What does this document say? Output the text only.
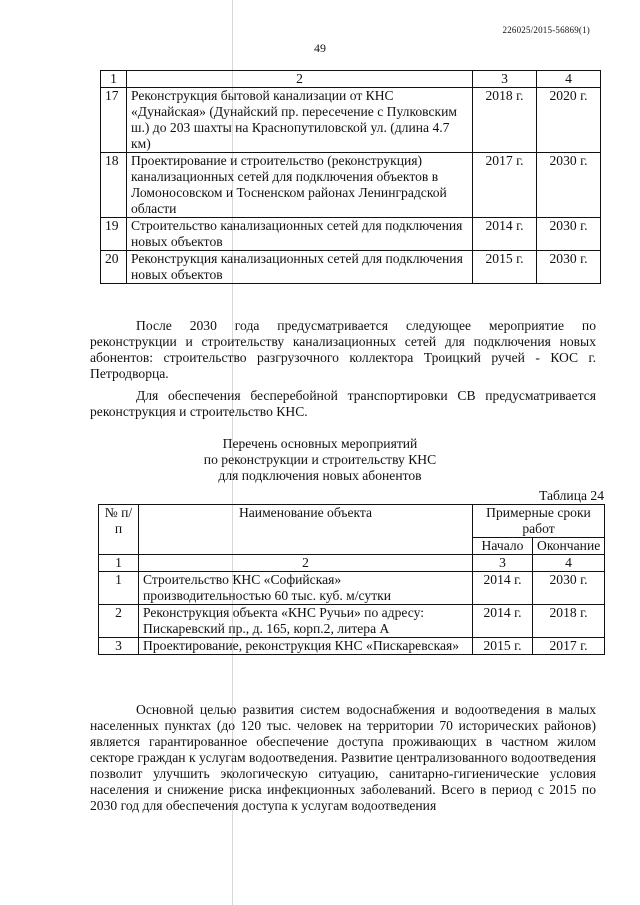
226025/2015-56869(1)
49
1	2	3	4
17	Реконструкция бытовой канализации от КНС «Дунайская» (Дунайский пр. пересечение с Пулковским ш.) до 203 шахты на Краснопутиловской ул. (длина 4.7 км)	2018 г.	2020 г.
18	Проектирование и строительство (реконструкция) канализационных сетей для подключения объектов в Ломоносовском и Тосненском районах Ленинградской области	2017 г.	2030 г.
19	Строительство канализационных сетей для подключения новых объектов	2014 г.	2030 г.
20	Реконструкция канализационных сетей для подключения новых объектов	2015 г.	2030 г.
После 2030 года предусматривается следующее мероприятие по реконструкции и строительству канализационных сетей для подключения новых абонентов: строительство разгрузочного коллектора Троицкий ручей - КОС г. Петродворца.
Для обеспечения бесперебойной транспортировки СВ предусматривается реконструкция и строительство КНС.
Перечень основных мероприятий
по реконструкции и строительству КНС
для подключения новых абонентов
Таблица 24
№ п/п	Наименование объекта	Примерные сроки работ	
		Начало	Окончание
1	2	3	4
1	Строительство КНС «Софийская» производительностью 60 тыс. куб. м/сутки	2014 г.	2030 г.
2	Реконструкция объекта «КНС Ручьи» по адресу: Пискаревский пр., д. 165, корп.2, литера А	2014 г.	2018 г.
3	Проектирование, реконструкция КНС «Пискаревская»	2015 г.	2017 г.
Основной целью развития систем водоснабжения и водоотведения в малых населенных пунктах (до 120 тыс. человек на территории 70 исторических районов) является гарантированное обеспечение доступа проживающих в частном жилом секторе граждан к услугам водоотведения. Развитие централизованного водоотведения позволит улучшить экологическую ситуацию, санитарно-гигиенические условия населения и снижение риска инфекционных заболеваний. Всего в период с 2015 по 2030 год для обеспечения доступа к услугам водоотведения
